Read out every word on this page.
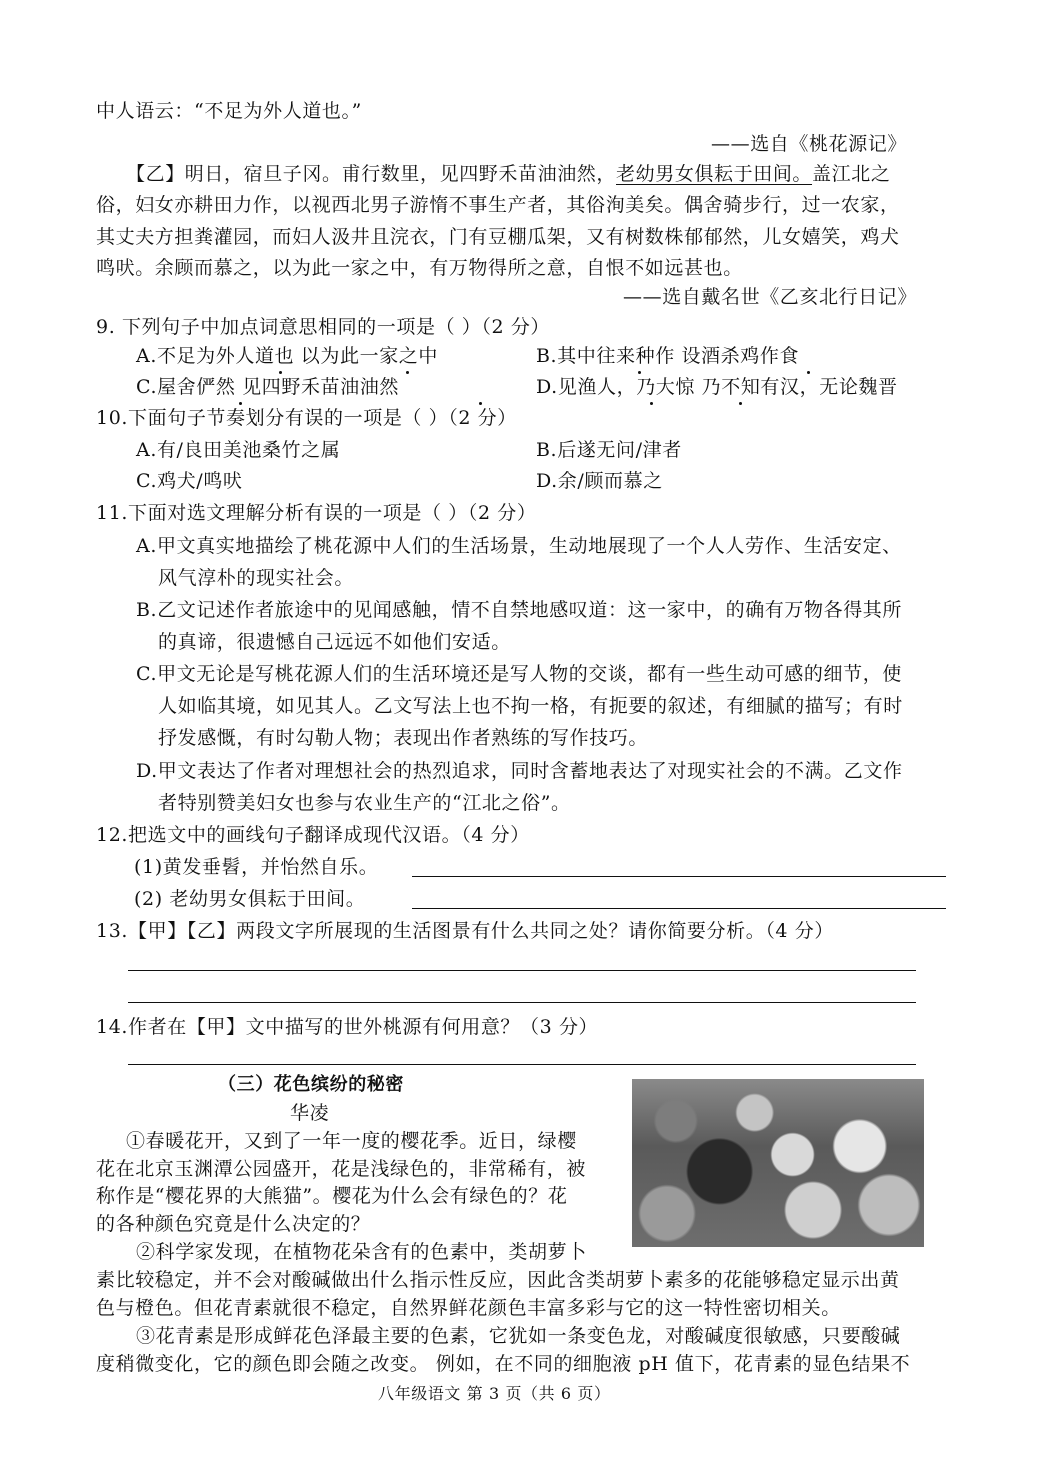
中人语云：“不足为外人道也。”
——选自《桃花源记》
【乙】明日，宿旦子冈。甫行数里，见四野禾苗油油然，老幼男女俱耘于田间。盖江北之
俗，妇女亦耕田力作，以视西北男子游惰不事生产者，其俗洵美矣。偶舍骑步行，过一农家，
其丈夫方担粪灌园，而妇人汲井且浣衣，门有豆棚瓜架，又有树数株郁郁然，儿女嬉笑，鸡犬
鸣吠。余顾而慕之，以为此一家之中，有万物得所之意，自恨不如远甚也。
——选自戴名世《乙亥北行日记》
9. 下列句子中加点词意思相同的一项是（ ）（2 分）
A.不足为外人道也 以为此一家之中	B.其中往来种作 设酒杀鸡作食
C.屋舍俨然 见四野禾苗油油然	D.见渔人，乃大惊 乃不知有汉，无论魏晋
10.下面句子节奏划分有误的一项是（ ）（2 分）
A.有/良田美池桑竹之属	B.后遂无问/津者
C.鸡犬/鸣吠	D.余/顾而慕之
11.下面对选文理解分析有误的一项是（ ）（2 分）
A.甲文真实地描绘了桃花源中人们的生活场景，生动地展现了一个人人劳作、生活安定、
风气淳朴的现实社会。
B.乙文记述作者旅途中的见闻感触，情不自禁地感叹道：这一家中，的确有万物各得其所
的真谛，很遗憾自己远远不如他们安适。
C.甲文无论是写桃花源人们的生活环境还是写人物的交谈，都有一些生动可感的细节，使
人如临其境，如见其人。乙文写法上也不拘一格，有扼要的叙述，有细腻的描写；有时
抒发感慨，有时勾勒人物；表现出作者熟练的写作技巧。
D.甲文表达了作者对理想社会的热烈追求，同时含蓄地表达了对现实社会的不满。乙文作
者特别赞美妇女也参与农业生产的“江北之俗”。
12.把选文中的画线句子翻译成现代汉语。（4 分）
(1)黄发垂髫，并怡然自乐。
(2) 老幼男女俱耘于田间。
13.【甲】【乙】两段文字所展现的生活图景有什么共同之处？请你简要分析。（4 分）
14.作者在【甲】文中描写的世外桃源有何用意？（3 分）
（三）花色缤纷的秘密
华凌
①春暖花开，又到了一年一度的樱花季。近日，绿樱
花在北京玉渊潭公园盛开，花是浅绿色的，非常稀有，被
称作是“樱花界的大熊猫”。樱花为什么会有绿色的？花
的各种颜色究竟是什么决定的？
②科学家发现，在植物花朵含有的色素中，类胡萝卜
素比较稳定，并不会对酸碱做出什么指示性反应，因此含类胡萝卜素多的花能够稳定显示出黄
色与橙色。但花青素就很不稳定，自然界鲜花颜色丰富多彩与它的这一特性密切相关。
③花青素是形成鲜花色泽最主要的色素，它犹如一条变色龙，对酸碱度很敏感，只要酸碱
度稍微变化，它的颜色即会随之改变。 例如，在不同的细胞液 pH 值下，花青素的显色结果不
八年级语文 第 3 页（共 6 页）
